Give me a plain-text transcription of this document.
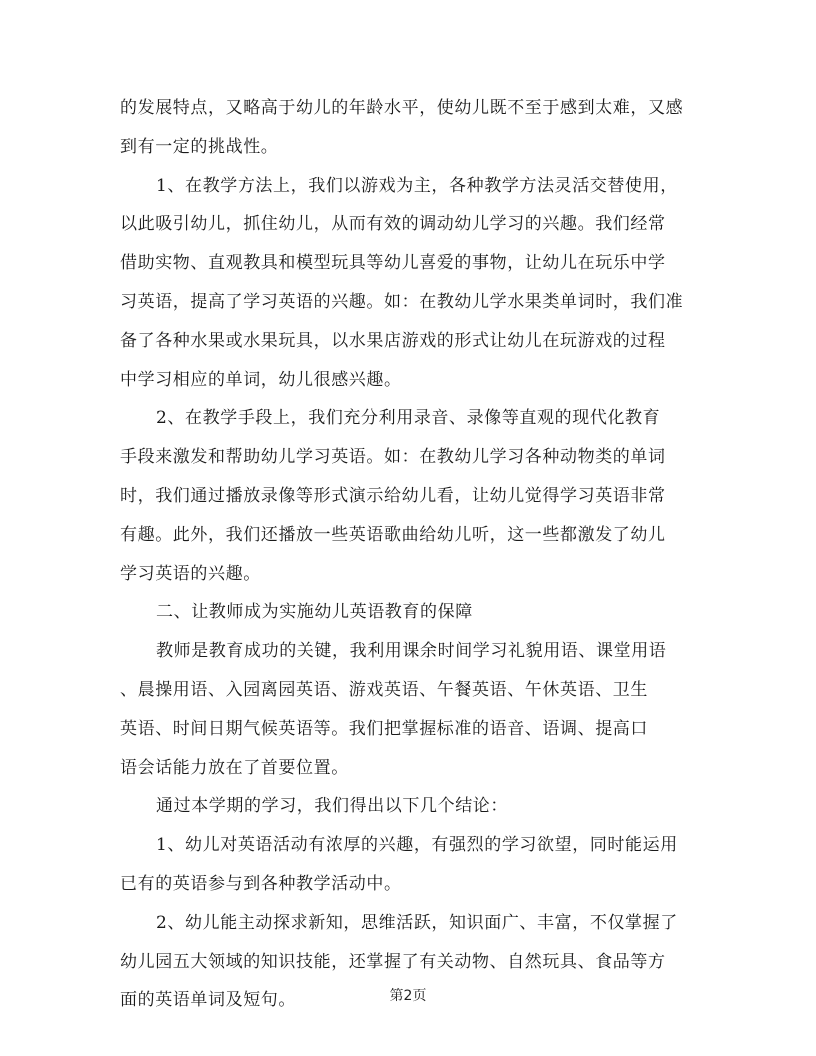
的发展特点，又略高于幼儿的年龄水平，使幼儿既不至于感到太难，又感
到有一定的挑战性。
1、在教学方法上，我们以游戏为主，各种教学方法灵活交替使用，
以此吸引幼儿，抓住幼儿，从而有效的调动幼儿学习的兴趣。我们经常
借助实物、直观教具和模型玩具等幼儿喜爱的事物，让幼儿在玩乐中学
习英语，提高了学习英语的兴趣。如：在教幼儿学水果类单词时，我们准
备了各种水果或水果玩具，以水果店游戏的形式让幼儿在玩游戏的过程
中学习相应的单词，幼儿很感兴趣。
2、在教学手段上，我们充分利用录音、录像等直观的现代化教育
手段来激发和帮助幼儿学习英语。如：在教幼儿学习各种动物类的单词
时，我们通过播放录像等形式演示给幼儿看，让幼儿觉得学习英语非常
有趣。此外，我们还播放一些英语歌曲给幼儿听，这一些都激发了幼儿
学习英语的兴趣。
二、让教师成为实施幼儿英语教育的保障
教师是教育成功的关键，我利用课余时间学习礼貌用语、课堂用语
、晨操用语、入园离园英语、游戏英语、午餐英语、午休英语、卫生
英语、时间日期气候英语等。我们把掌握标准的语音、语调、提高口
语会话能力放在了首要位置。
通过本学期的学习，我们得出以下几个结论：
1、幼儿对英语活动有浓厚的兴趣，有强烈的学习欲望，同时能运用
已有的英语参与到各种教学活动中。
2、幼儿能主动探求新知，思维活跃，知识面广、丰富，不仅掌握了
幼儿园五大领域的知识技能，还掌握了有关动物、自然玩具、食品等方
面的英语单词及短句。	第2页
